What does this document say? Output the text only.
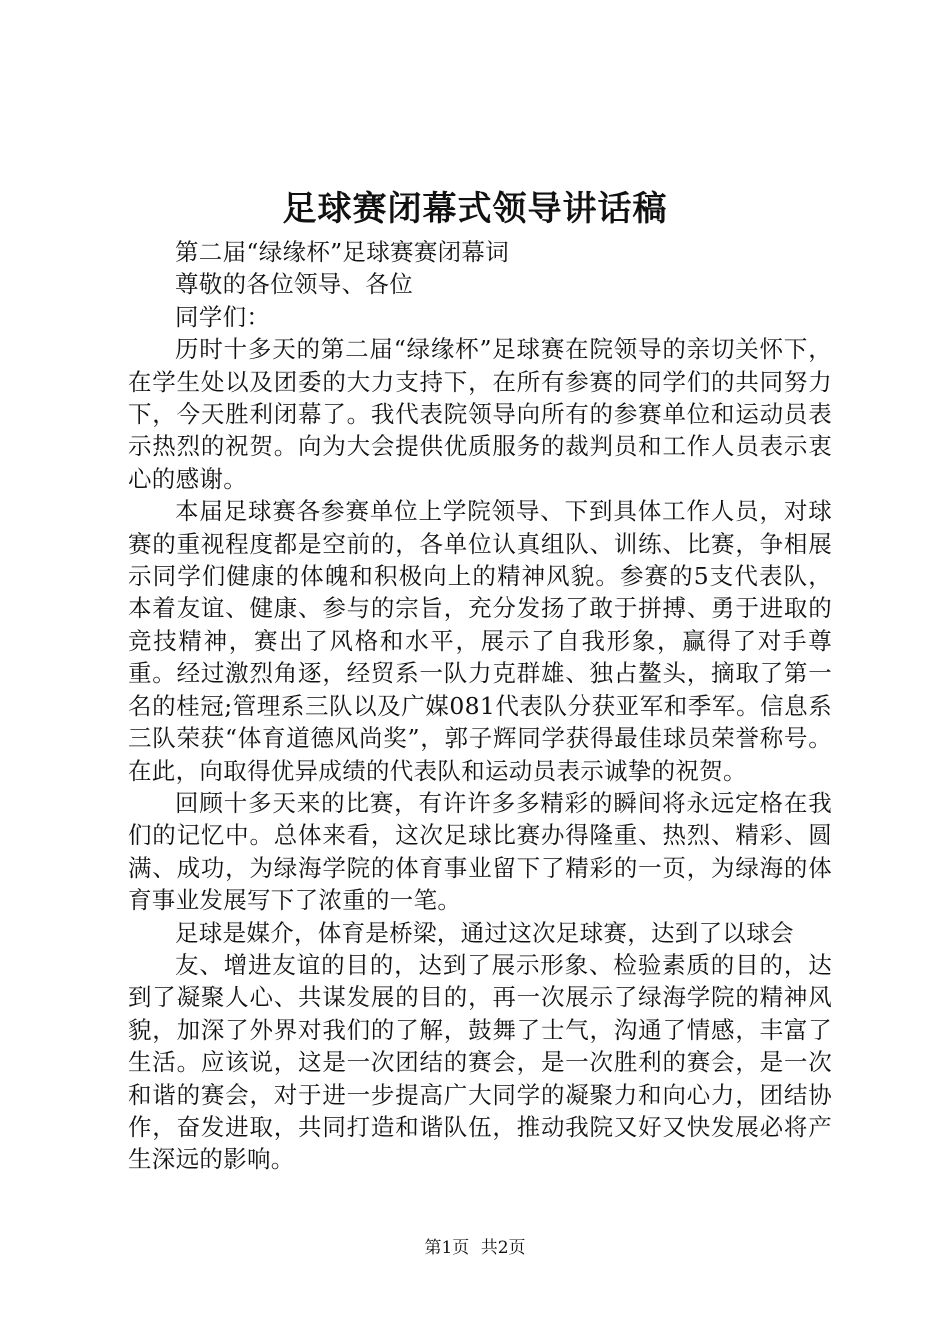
足球赛闭幕式领导讲话稿

第二届“绿缘杯”足球赛赛闭幕词

尊敬的各位领导、各位

同学们：

历时十多天的第二届“绿缘杯”足球赛在院领导的亲切关怀下，在学生处以及团委的大力支持下，在所有参赛的同学们的共同努力下，今天胜利闭幕了。我代表院领导向所有的参赛单位和运动员表示热烈的祝贺。向为大会提供优质服务的裁判员和工作人员表示衷心的感谢。

本届足球赛各参赛单位上学院领导、下到具体工作人员，对球赛的重视程度都是空前的，各单位认真组队、训练、比赛，争相展示同学们健康的体魄和积极向上的精神风貌。参赛的5支代表队，本着友谊、健康、参与的宗旨，充分发扬了敢于拼搏、勇于进取的竞技精神，赛出了风格和水平，展示了自我形象，赢得了对手尊重。经过激烈角逐，经贸系一队力克群雄、独占鳌头，摘取了第一名的桂冠;管理系三队以及广媒081代表队分获亚军和季军。信息系三队荣获“体育道德风尚奖”，郭子辉同学获得最佳球员荣誉称号。在此，向取得优异成绩的代表队和运动员表示诚挚的祝贺。

回顾十多天来的比赛，有许许多多精彩的瞬间将永远定格在我们的记忆中。总体来看，这次足球比赛办得隆重、热烈、精彩、圆满、成功，为绿海学院的体育事业留下了精彩的一页，为绿海的体育事业发展写下了浓重的一笔。

足球是媒介，体育是桥梁，通过这次足球赛，达到了以球会

友、增进友谊的目的，达到了展示形象、检验素质的目的，达到了凝聚人心、共谋发展的目的，再一次展示了绿海学院的精神风貌，加深了外界对我们的了解，鼓舞了士气，沟通了情感，丰富了生活。应该说，这是一次团结的赛会，是一次胜利的赛会，是一次和谐的赛会，对于进一步提高广大同学的凝聚力和向心力，团结协作，奋发进取，共同打造和谐队伍，推动我院又好又快发展必将产生深远的影响。

第1页 共2页
